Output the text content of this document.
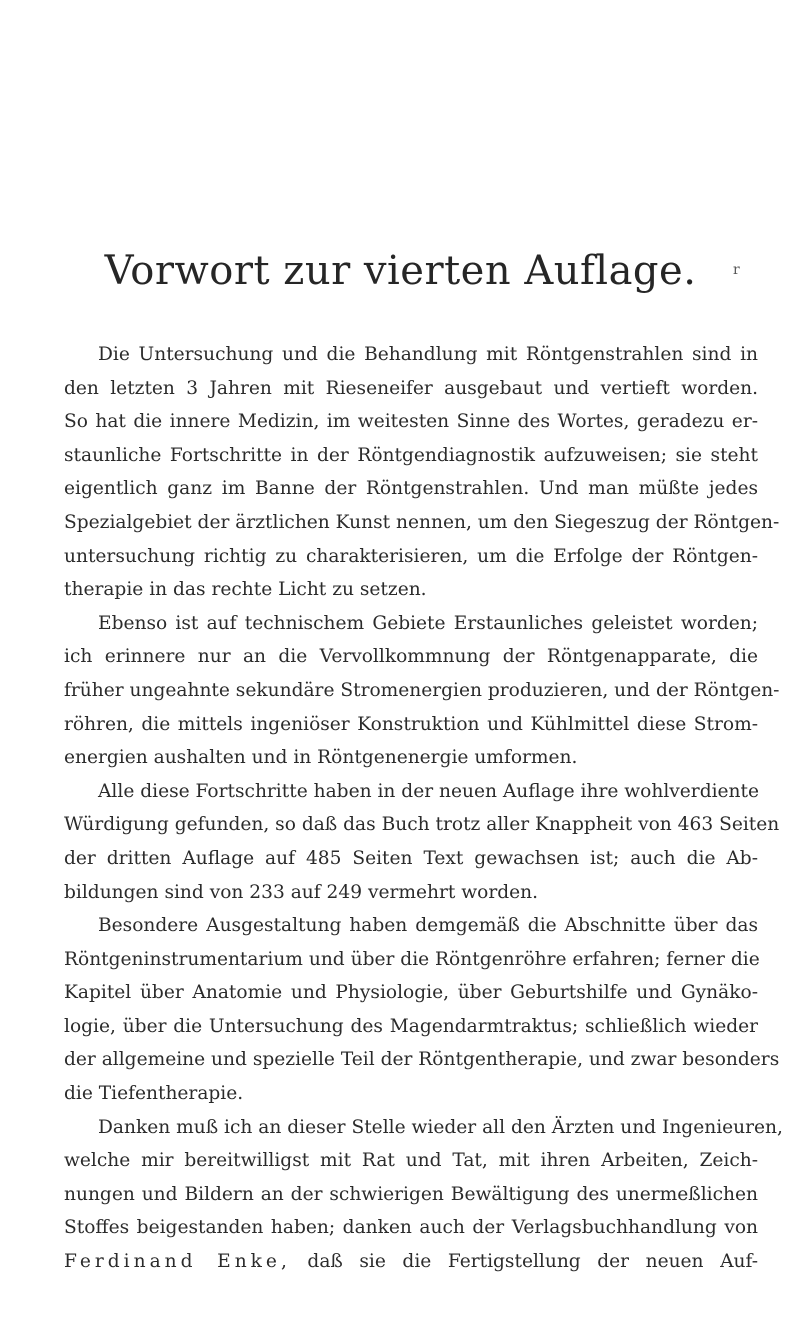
Vorwort zur vierten Auflage.	r
Die Untersuchung und die Behandlung mit Röntgenstrahlen sind in
den letzten 3 Jahren mit Rieseneifer ausgebaut und vertieft worden.
So hat die innere Medizin, im weitesten Sinne des Wortes, geradezu er-
staunliche Fortschritte in der Röntgendiagnostik aufzuweisen; sie steht
eigentlich ganz im Banne der Röntgenstrahlen. Und man müßte jedes
Spezialgebiet der ärztlichen Kunst nennen, um den Siegeszug der Röntgen-
untersuchung richtig zu charakterisieren, um die Erfolge der Röntgen-
therapie in das rechte Licht zu setzen.
Ebenso ist auf technischem Gebiete Erstaunliches geleistet worden;
ich erinnere nur an die Vervollkommnung der Röntgenapparate, die
früher ungeahnte sekundäre Stromenergien produzieren, und der Röntgen-
röhren, die mittels ingeniöser Konstruktion und Kühlmittel diese Strom-
energien aushalten und in Röntgenenergie umformen.
Alle diese Fortschritte haben in der neuen Auflage ihre wohlverdiente
Würdigung gefunden, so daß das Buch trotz aller Knappheit von 463 Seiten
der dritten Auflage auf 485 Seiten Text gewachsen ist; auch die Ab-
bildungen sind von 233 auf 249 vermehrt worden.
Besondere Ausgestaltung haben demgemäß die Abschnitte über das
Röntgeninstrumentarium und über die Röntgenröhre erfahren; ferner die
Kapitel über Anatomie und Physiologie, über Geburtshilfe und Gynäko-
logie, über die Untersuchung des Magendarmtraktus; schließlich wieder
der allgemeine und spezielle Teil der Röntgentherapie, und zwar besonders
die Tiefentherapie.
Danken muß ich an dieser Stelle wieder all den Ärzten und Ingenieuren,
welche mir bereitwilligst mit Rat und Tat, mit ihren Arbeiten, Zeich-
nungen und Bildern an der schwierigen Bewältigung des unermeßlichen
Stoffes beigestanden haben; danken auch der Verlagsbuchhandlung von
Ferdinand Enke, daß sie die Fertigstellung der neuen Auf-
